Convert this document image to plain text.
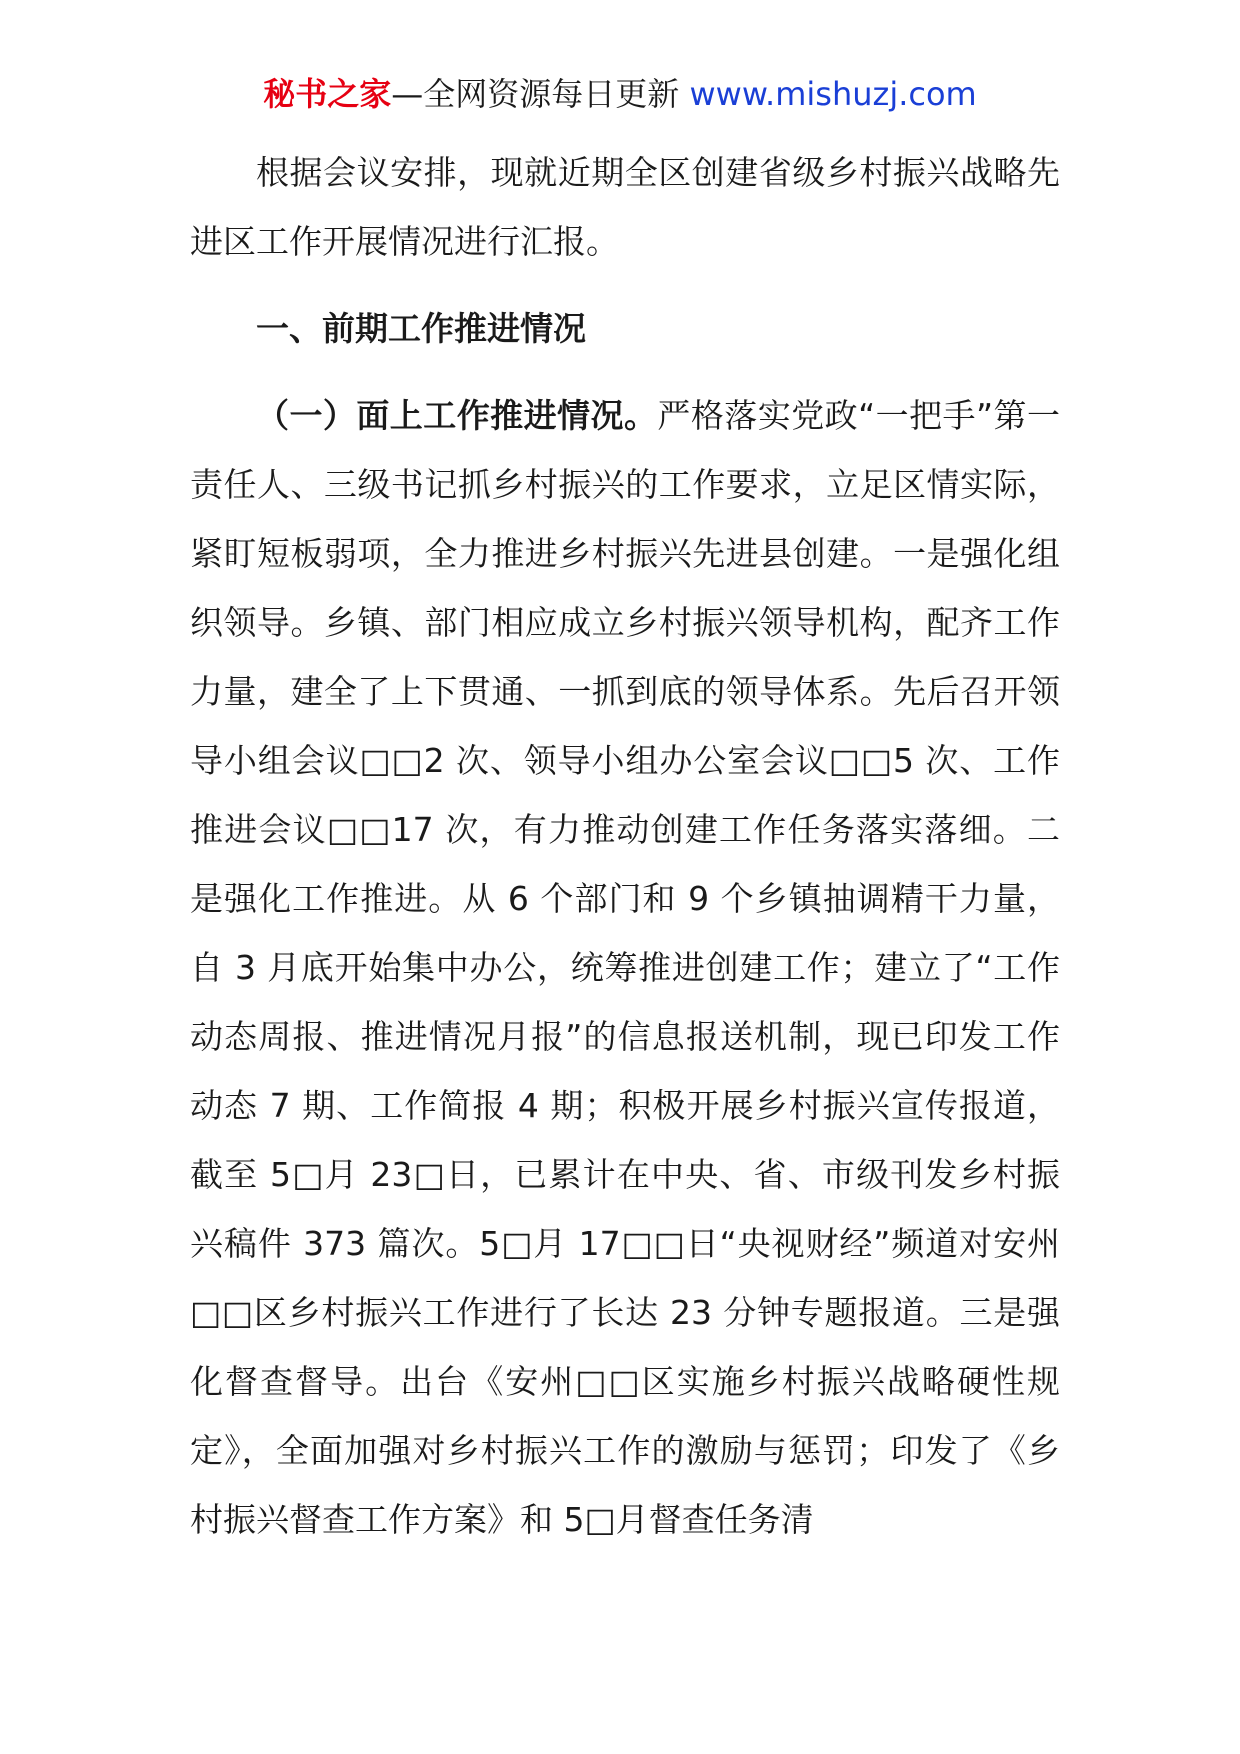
秘书之家—全网资源每日更新 www.mishuzj.com

根据会议安排，现就近期全区创建省级乡村振兴战略先进区工作开展情况进行汇报。

一、前期工作推进情况

（一）面上工作推进情况。严格落实党政“一把手”第一责任人、三级书记抓乡村振兴的工作要求，立足区情实际，紧盯短板弱项，全力推进乡村振兴先进县创建。一是强化组织领导。乡镇、部门相应成立乡村振兴领导机构，配齐工作力量，建全了上下贯通、一抓到底的领导体系。先后召开领导小组会议□□2 次、领导小组办公室会议□□5 次、工作推进会议□□17 次，有力推动创建工作任务落实落细。二是强化工作推进。从 6 个部门和 9 个乡镇抽调精干力量，自 3 月底开始集中办公，统筹推进创建工作；建立了“工作动态周报、推进情况月报”的信息报送机制，现已印发工作动态 7 期、工作简报 4 期；积极开展乡村振兴宣传报道，截至 5□月 23□日，已累计在中央、省、市级刊发乡村振兴稿件 373 篇次。5□月 17□□日“央视财经”频道对安州□□区乡村振兴工作进行了长达 23 分钟专题报道。三是强化督查督导。出台《安州□□区实施乡村振兴战略硬性规定》，全面加强对乡村振兴工作的激励与惩罚；印发了《乡村振兴督查工作方案》和 5□月督查任务清
